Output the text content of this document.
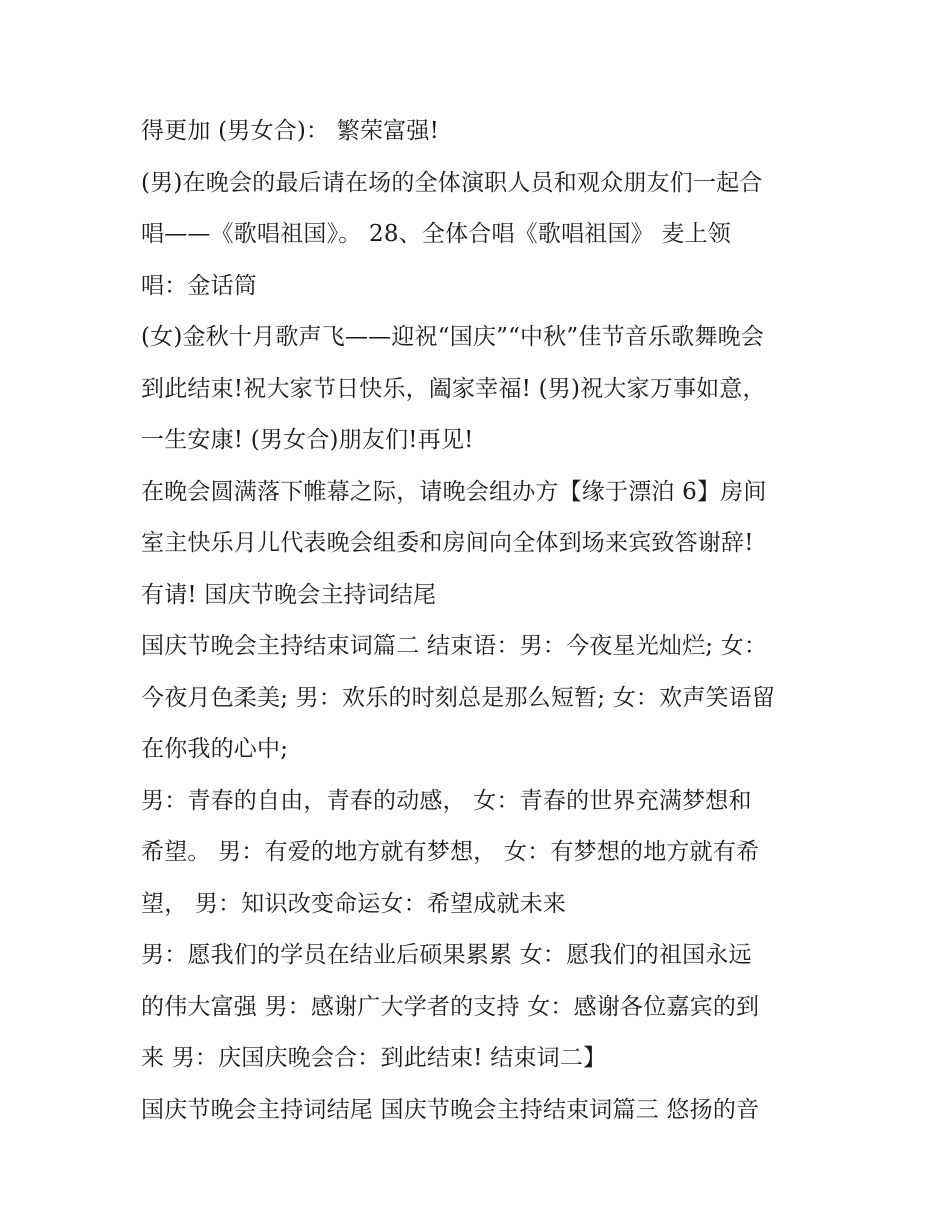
得更加 (男女合)： 繁荣富强!
(男)在晚会的最后请在场的全体演职人员和观众朋友们一起合
唱——《歌唱祖国》。 28、全体合唱《歌唱祖国》 麦上领
唱：金话筒
(女)金秋十月歌声飞——迎祝“国庆”“中秋”佳节音乐歌舞晚会
到此结束!祝大家节日快乐，阖家幸福! (男)祝大家万事如意，
一生安康! (男女合)朋友们!再见!
在晚会圆满落下帷幕之际，请晚会组办方【缘于漂泊 6】房间
室主快乐月儿代表晚会组委和房间向全体到场来宾致答谢辞!
有请! 国庆节晚会主持词结尾
国庆节晚会主持结束词篇二 结束语：男：今夜星光灿烂; 女：
今夜月色柔美; 男：欢乐的时刻总是那么短暂; 女：欢声笑语留
在你我的心中;
男：青春的自由，青春的动感， 女：青春的世界充满梦想和
希望。 男：有爱的地方就有梦想， 女：有梦想的地方就有希
望， 男：知识改变命运女：希望成就未来
男：愿我们的学员在结业后硕果累累 女：愿我们的祖国永远
的伟大富强 男：感谢广大学者的支持 女：感谢各位嘉宾的到
来 男：庆国庆晚会合：到此结束! 结束词二】
国庆节晚会主持词结尾 国庆节晚会主持结束词篇三 悠扬的音
